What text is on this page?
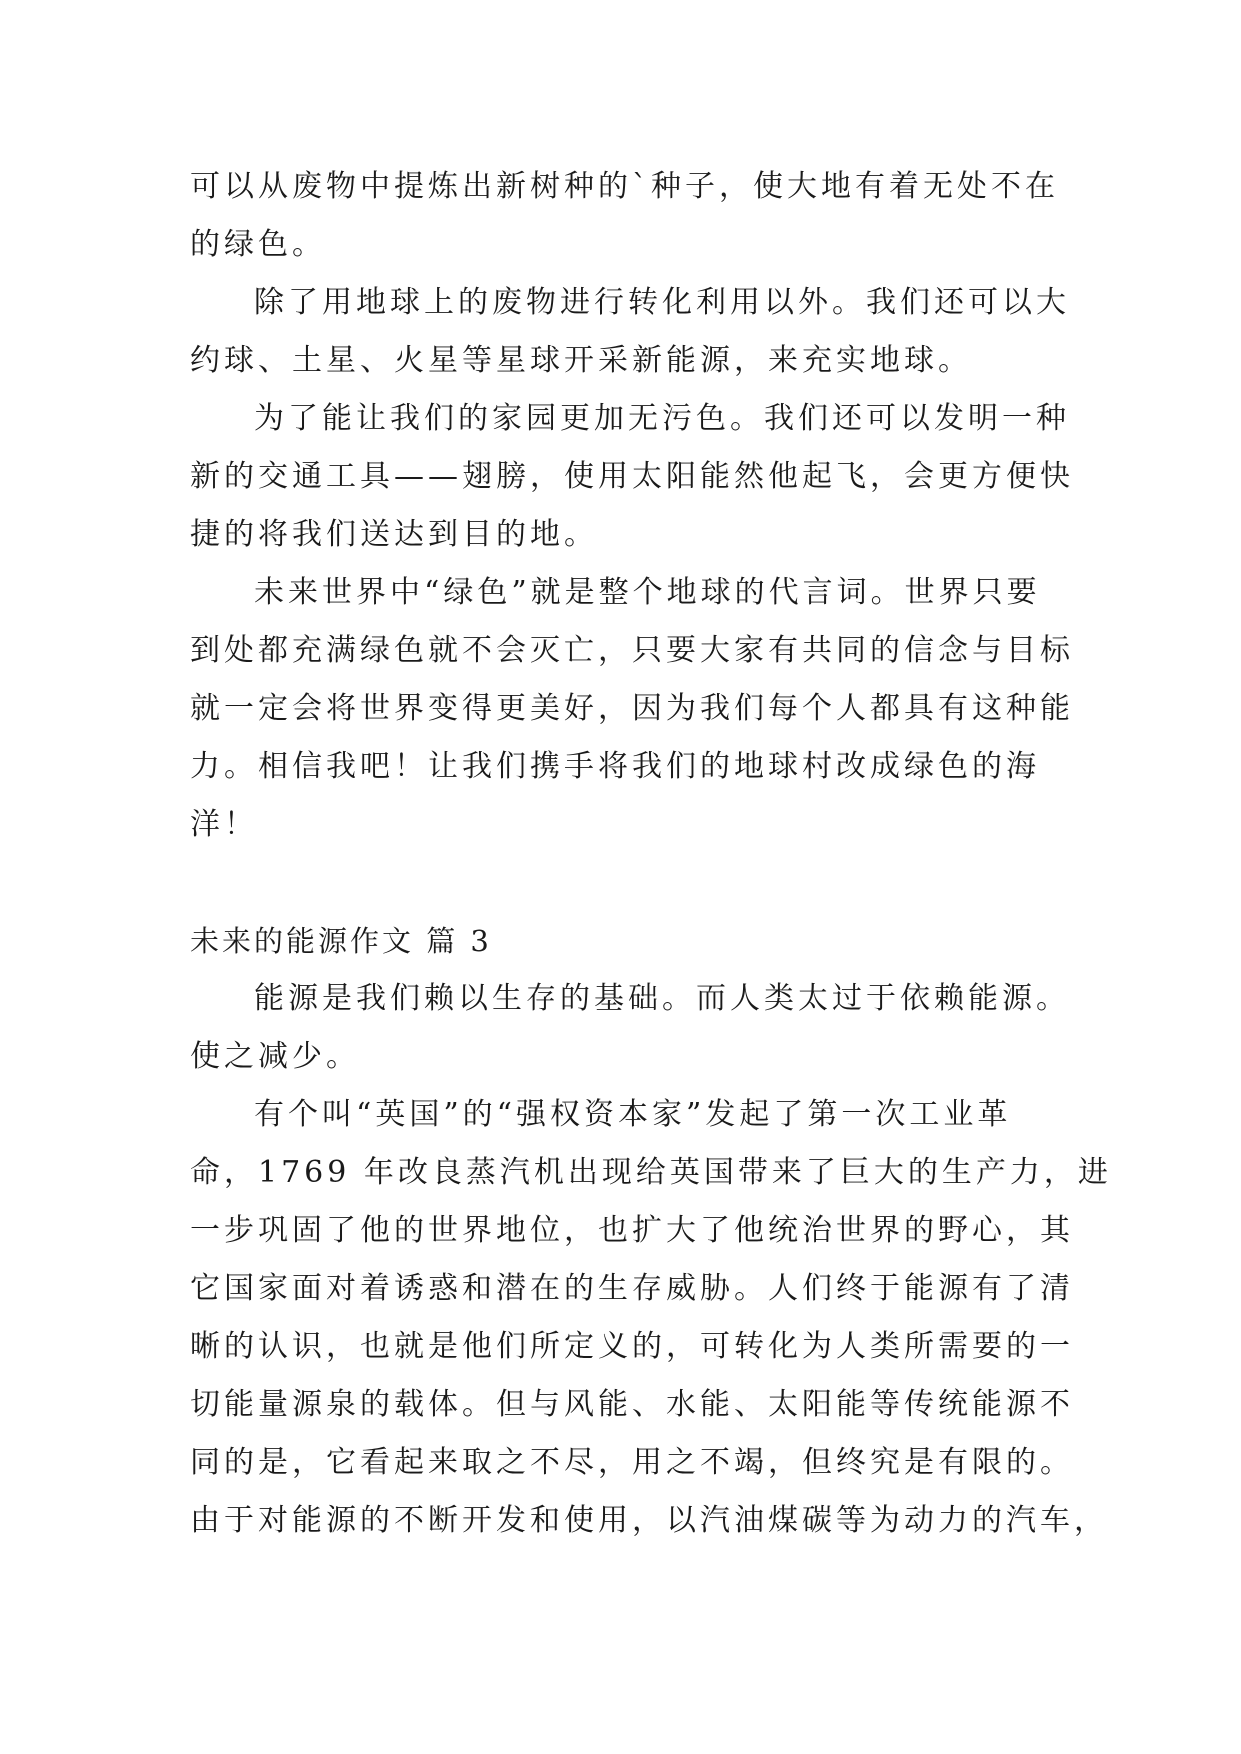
可以从废物中提炼出新树种的`种子，使大地有着无处不在
的绿色。
除了用地球上的废物进行转化利用以外。我们还可以大
约球、土星、火星等星球开采新能源，来充实地球。
为了能让我们的家园更加无污色。我们还可以发明一种
新的交通工具——翅膀，使用太阳能然他起飞，会更方便快
捷的将我们送达到目的地。
未来世界中“绿色”就是整个地球的代言词。世界只要
到处都充满绿色就不会灭亡，只要大家有共同的信念与目标
就一定会将世界变得更美好，因为我们每个人都具有这种能
力。相信我吧！让我们携手将我们的地球村改成绿色的海
洋！
未来的能源作文 篇 3
能源是我们赖以生存的基础。而人类太过于依赖能源。
使之减少。
有个叫“英国”的“强权资本家”发起了第一次工业革
命，1769 年改良蒸汽机出现给英国带来了巨大的生产力，进
一步巩固了他的世界地位，也扩大了他统治世界的野心，其
它国家面对着诱惑和潜在的生存威胁。人们终于能源有了清
晰的认识，也就是他们所定义的，可转化为人类所需要的一
切能量源泉的载体。但与风能、水能、太阳能等传统能源不
同的是，它看起来取之不尽，用之不竭，但终究是有限的。
由于对能源的不断开发和使用，以汽油煤碳等为动力的汽车，
